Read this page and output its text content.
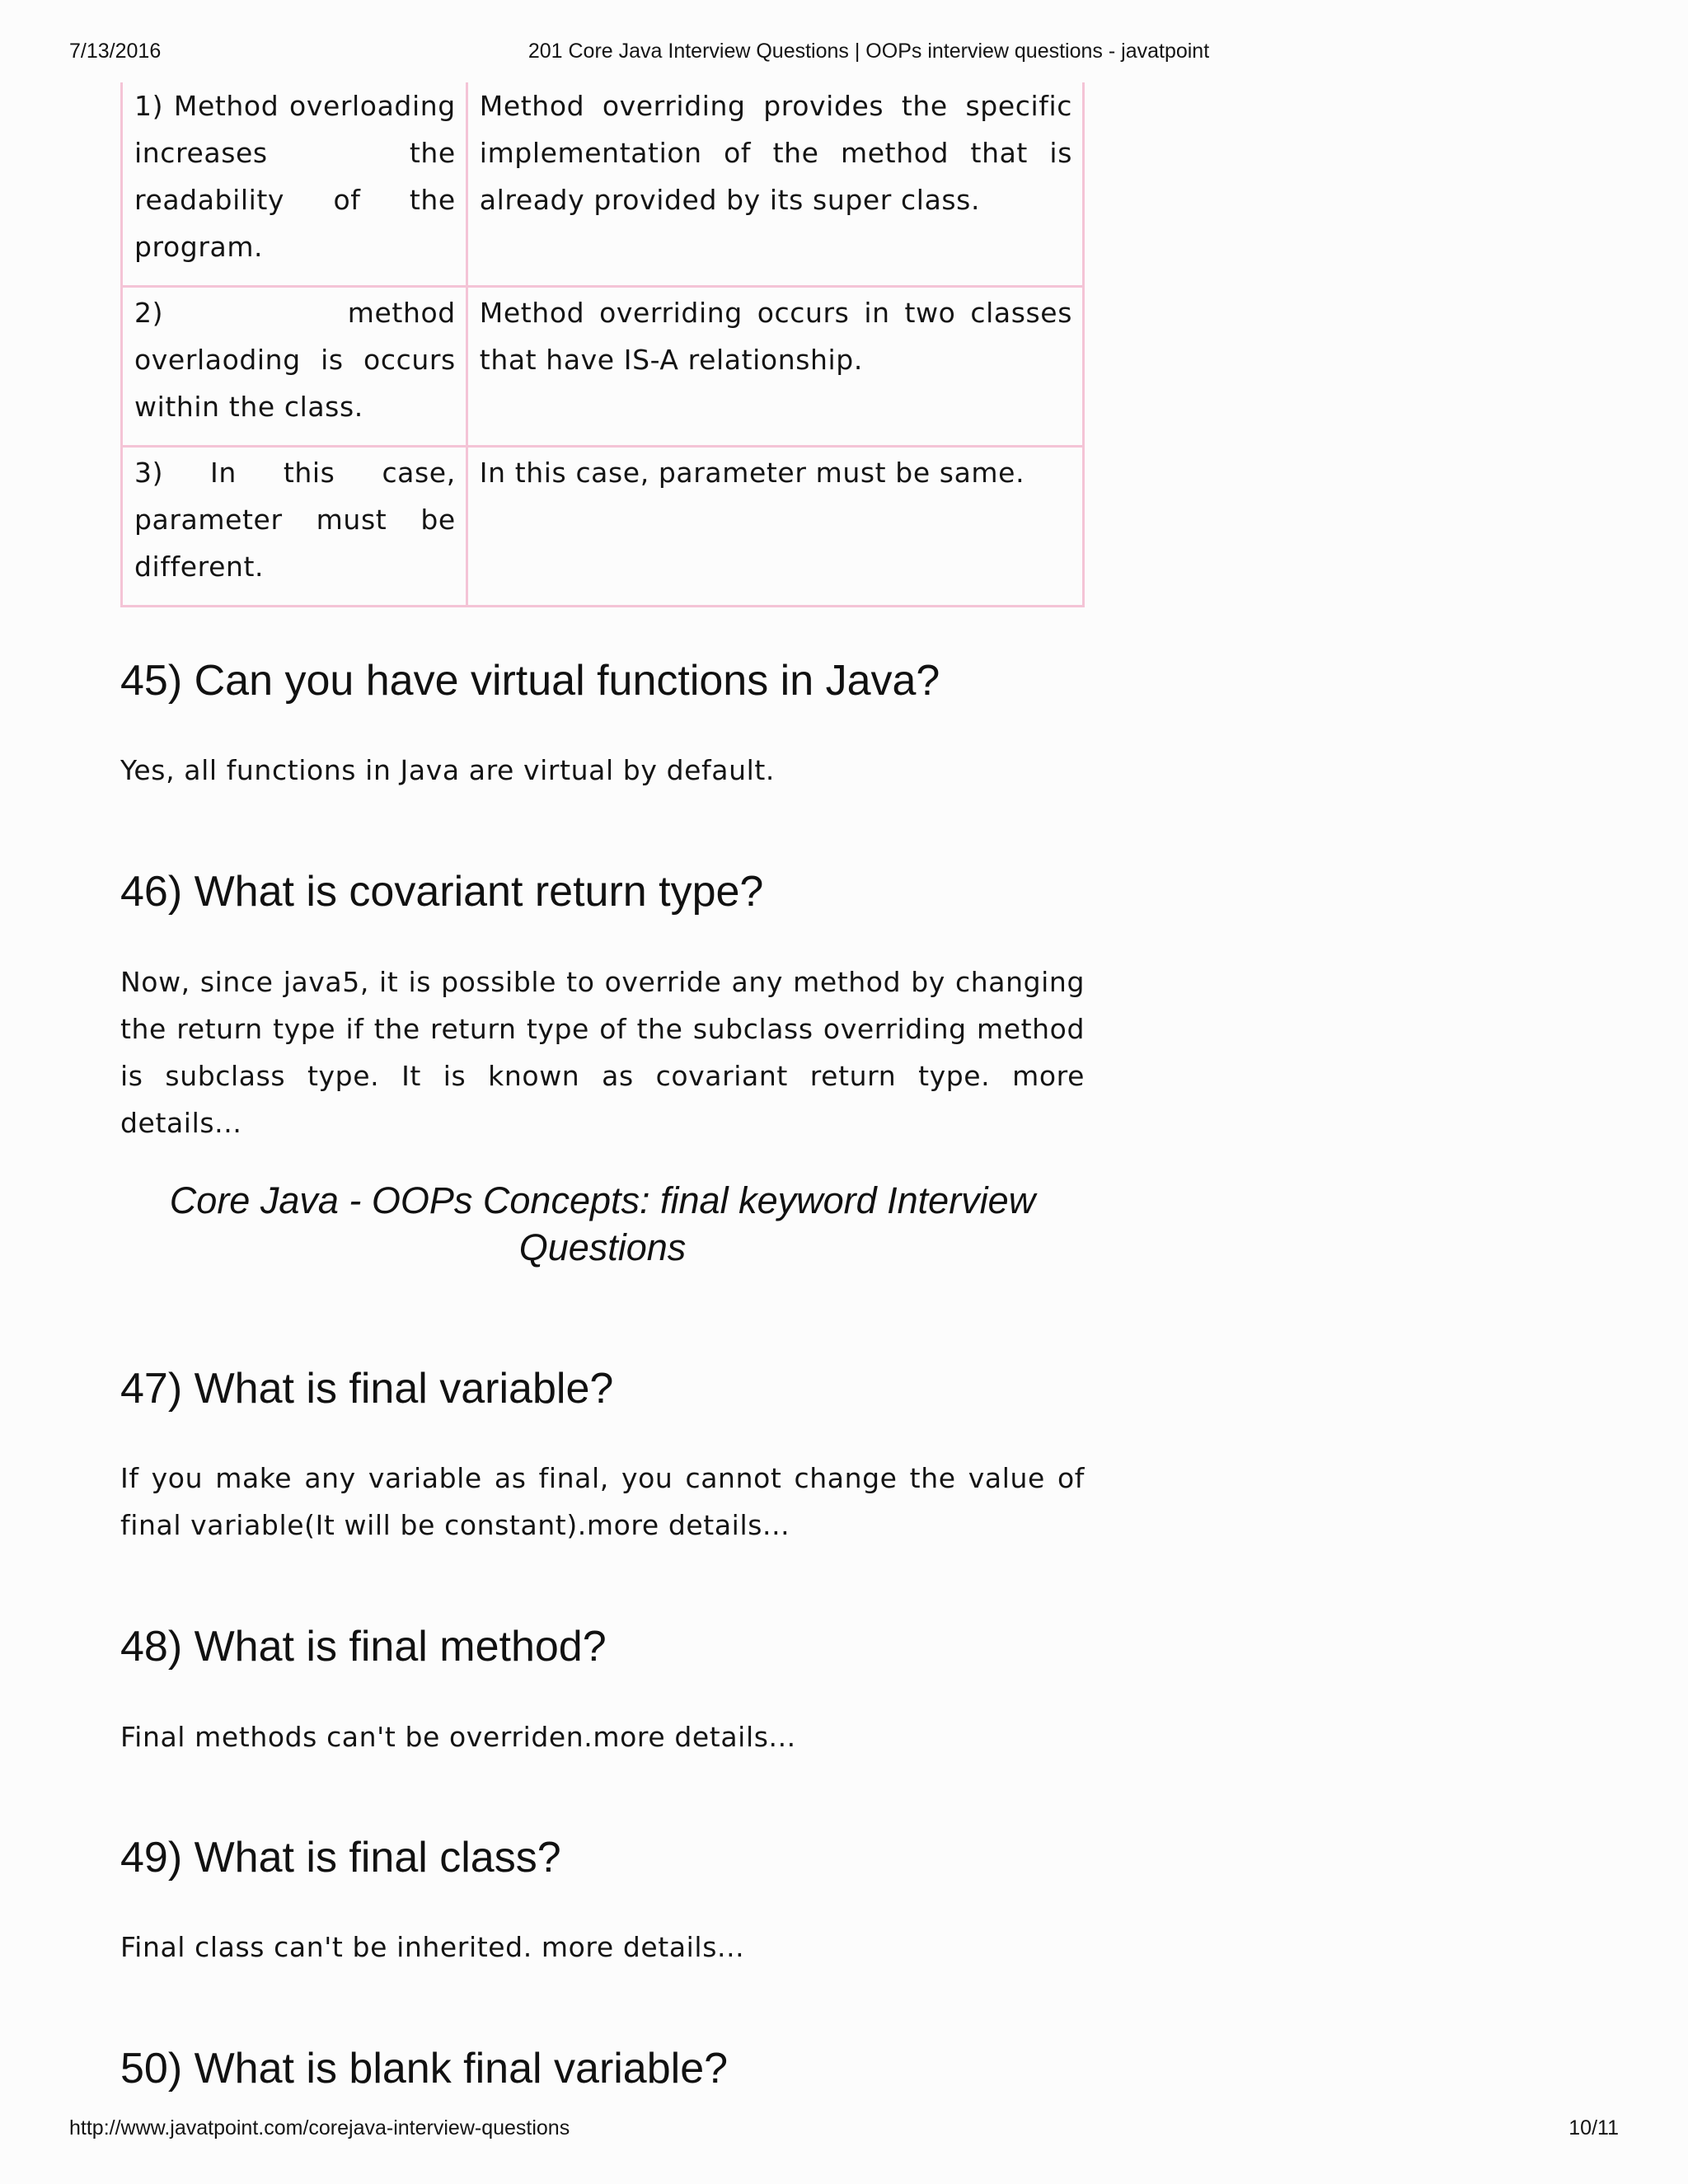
7/13/2016	201 Core Java Interview Questions | OOPs interview questions - javatpoint
1) Method overloading increases the readability of the program.	Method overriding provides the specific implementation of the method that is already provided by its super class.
2) method overlaoding is occurs within the class.	Method overriding occurs in two classes that have IS-A relationship.
3) In this case, parameter must be different.	In this case, parameter must be same.
45) Can you have virtual functions in Java?

Yes, all functions in Java are virtual by default.

46) What is covariant return type?

Now, since java5, it is possible to override any method by changing the return type if the return type of the subclass overriding method is subclass type. It is known as covariant return type. more details...

Core Java - OOPs Concepts: final keyword Interview Questions
47) What is final variable?

If you make any variable as final, you cannot change the value of final variable(It will be constant).more details...

48) What is final method?

Final methods can't be overriden.more details...

49) What is final class?

Final class can't be inherited. more details...

50) What is blank final variable?
http://www.javatpoint.com/corejava-interview-questions	10/11
